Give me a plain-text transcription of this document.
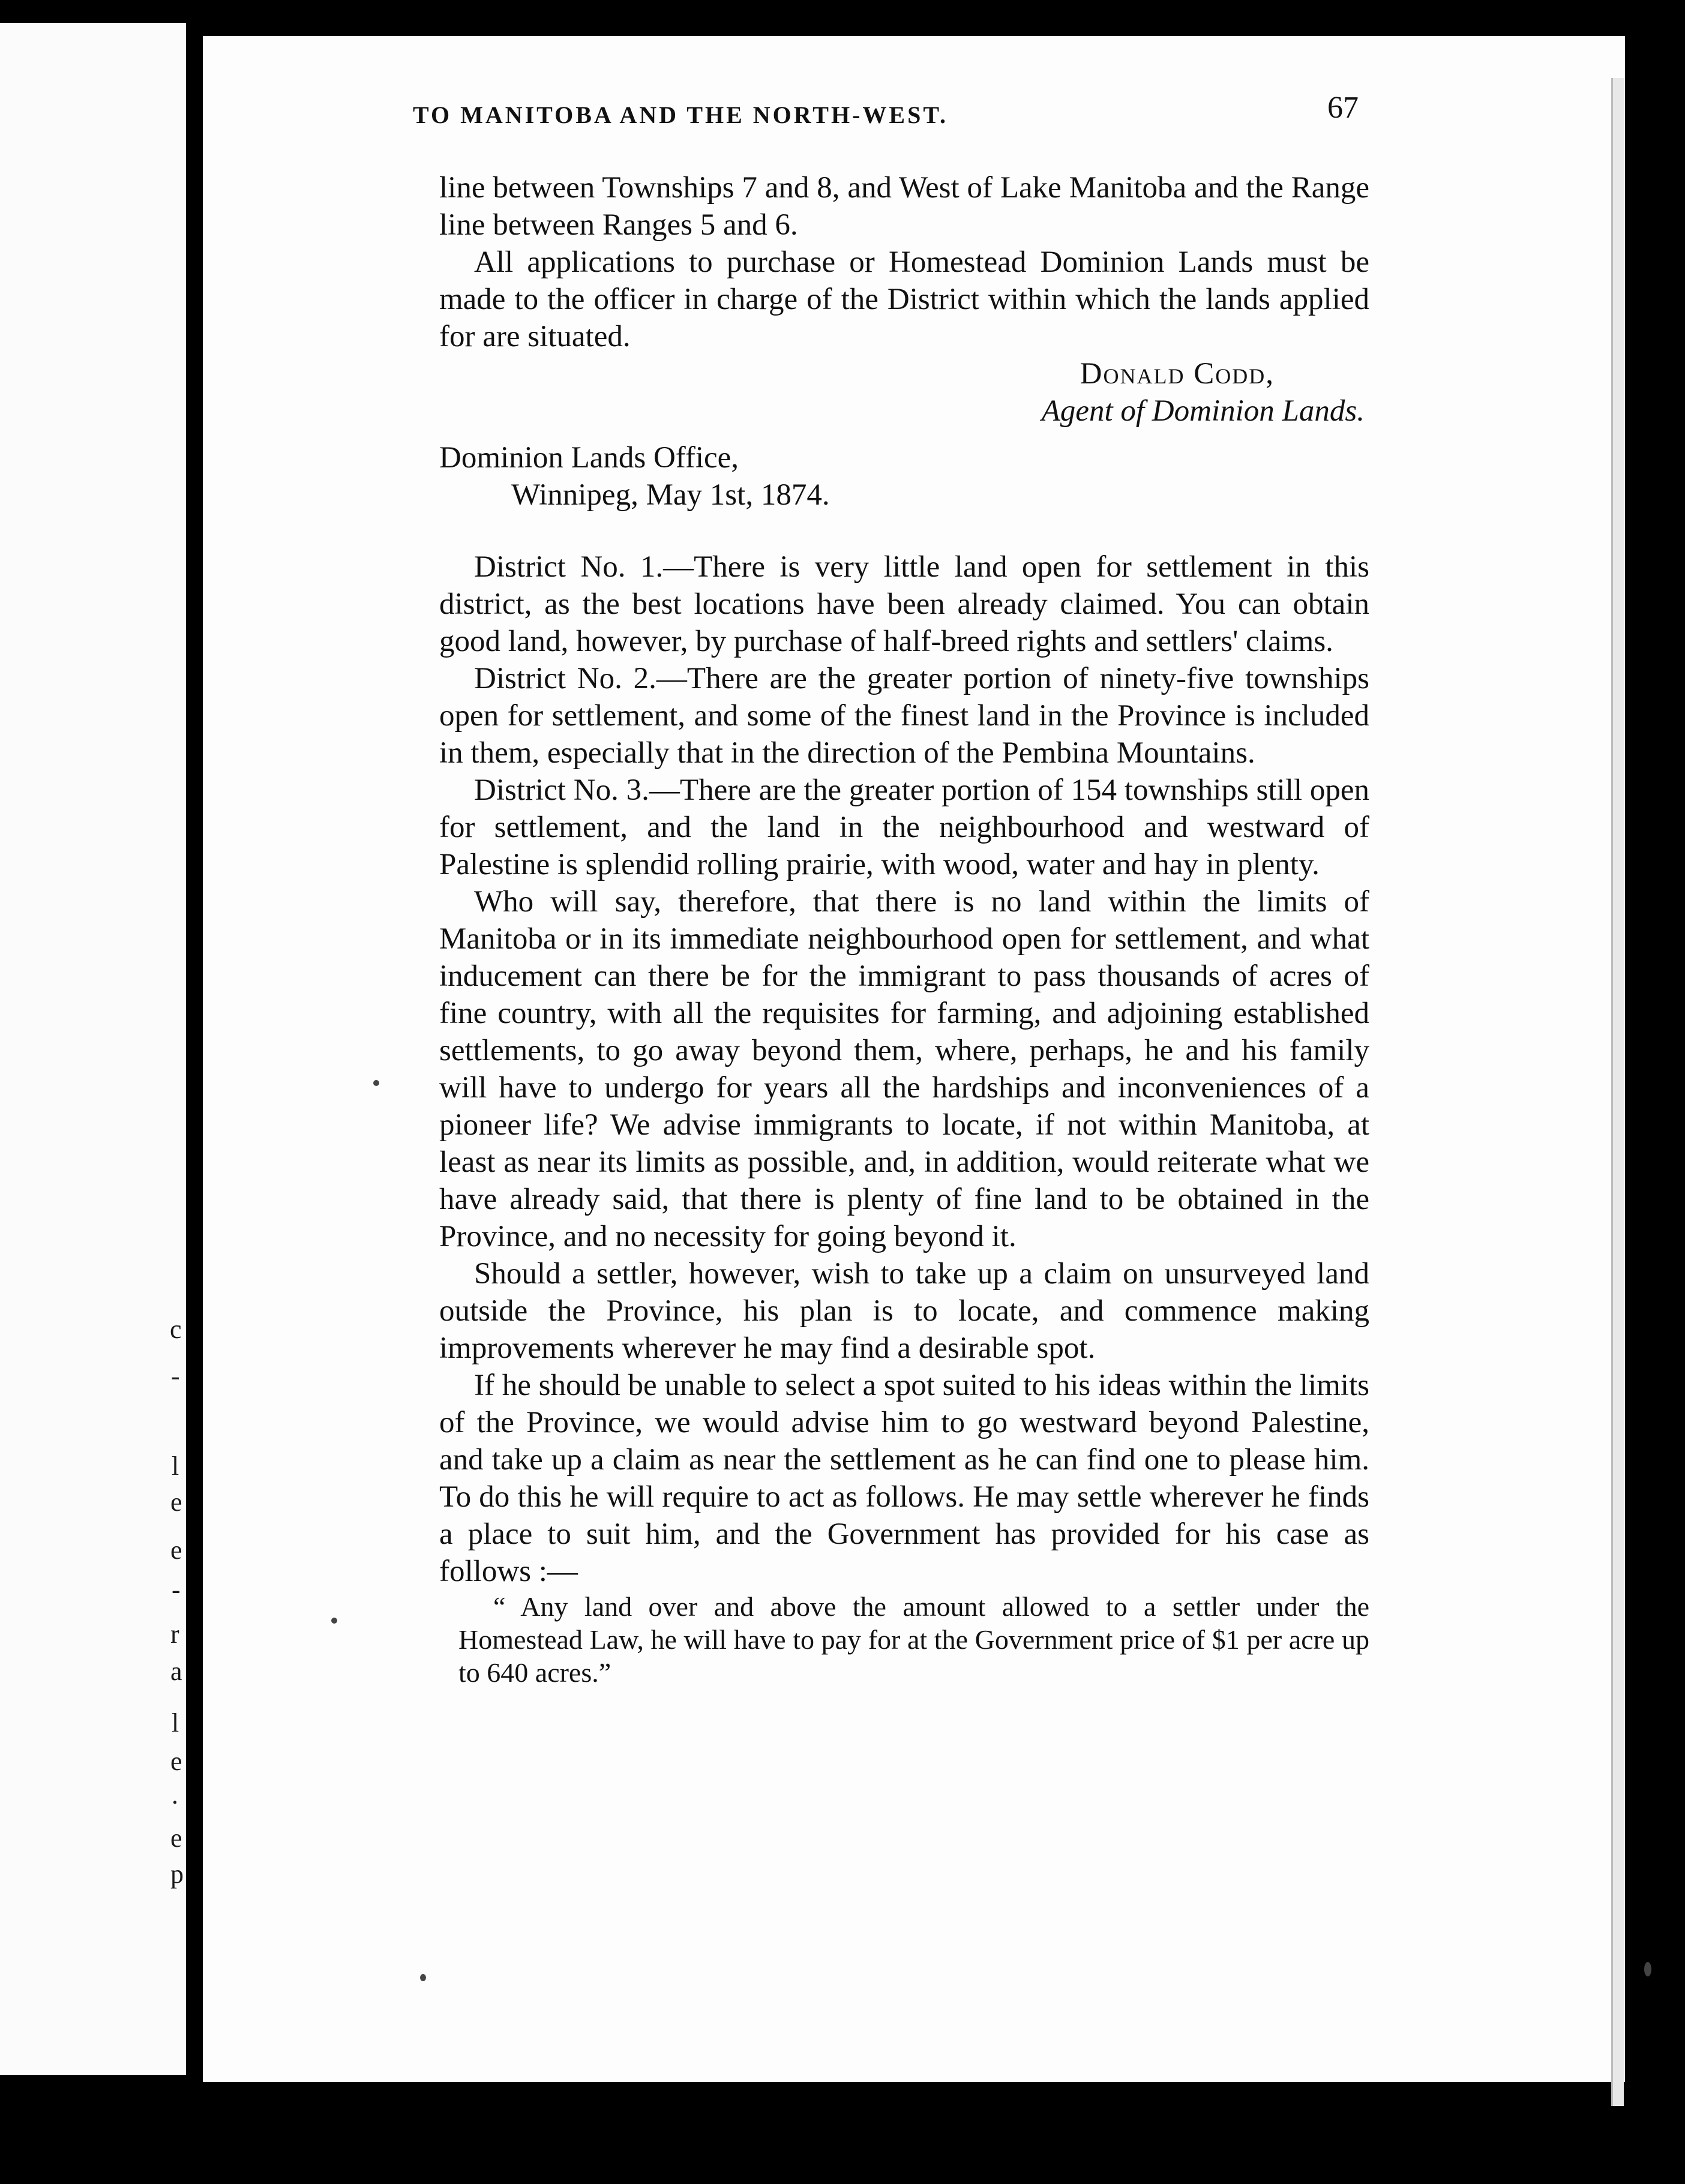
c
-
l
e
e
-
r
a
l
e
.
e
p
TO MANITOBA AND THE NORTH-WEST.	67

line between Townships 7 and 8, and West of Lake Manitoba and the Range line between Ranges 5 and 6.

All applications to purchase or Homestead Dominion Lands must be made to the officer in charge of the District within which the lands applied for are situated.

Donald Codd,
Agent of Dominion Lands.
Dominion Lands Office,
Winnipeg, May 1st, 1874.

District No. 1.—There is very little land open for settlement in this district, as the best locations have been already claimed. You can obtain good land, however, by purchase of half-breed rights and settlers' claims.

District No. 2.—There are the greater portion of ninety-five townships open for settlement, and some of the finest land in the Province is included in them, especially that in the direction of the Pembina Mountains.

District No. 3.—There are the greater portion of 154 townships still open for settlement, and the land in the neighbourhood and westward of Palestine is splendid rolling prairie, with wood, water and hay in plenty.

Who will say, therefore, that there is no land within the limits of Manitoba or in its immediate neighbourhood open for settlement, and what inducement can there be for the immigrant to pass thousands of acres of fine country, with all the requisites for farming, and adjoining established settlements, to go away beyond them, where, perhaps, he and his family will have to undergo for years all the hardships and inconveniences of a pioneer life? We advise immigrants to locate, if not within Manitoba, at least as near its limits as possible, and, in addition, would reiterate what we have already said, that there is plenty of fine land to be obtained in the Province, and no necessity for going beyond it.

Should a settler, however, wish to take up a claim on unsurveyed land outside the Province, his plan is to locate, and commence making improvements wherever he may find a desirable spot.

If he should be unable to select a spot suited to his ideas within the limits of the Province, we would advise him to go westward beyond Palestine, and take up a claim as near the settlement as he can find one to please him. To do this he will require to act as follows. He may settle wherever he finds a place to suit him, and the Government has provided for his case as follows :—

“ Any land over and above the amount allowed to a settler under the Homestead Law, he will have to pay for at the Government price of $1 per acre up to 640 acres.”
